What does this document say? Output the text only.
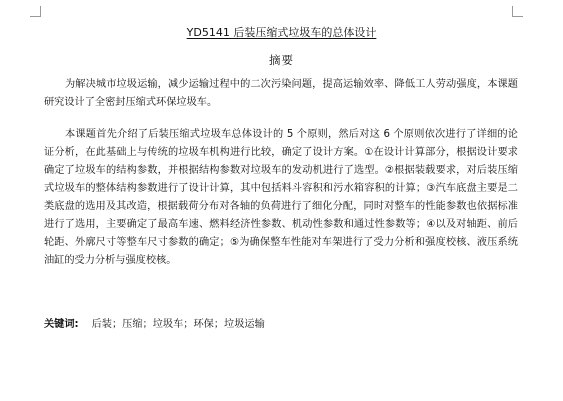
YD5141 后装压缩式垃圾车的总体设计
摘要

为解决城市垃圾运输，减少运输过程中的二次污染问题，提高运输效率、降低工人劳动强度，本课题研究设计了全密封压缩式环保垃圾车。

本课题首先介绍了后装压缩式垃圾车总体设计的 5 个原则，然后对这 6 个原则依次进行了详细的论证分析，在此基础上与传统的垃圾车机构进行比较，确定了设计方案。①在设计计算部分，根据设计要求确定了垃圾车的结构参数，并根据结构参数对垃圾车的发动机进行了选型。②根据装载要求，对后装压缩式垃圾车的整体结构参数进行了设计计算，其中包括料斗容积和污水箱容积的计算；③汽车底盘主要是二类底盘的选用及其改造，根据载荷分布对各轴的负荷进行了细化分配，同时对整车的性能参数也依据标准进行了选用，主要确定了最高车速、燃料经济性参数、机动性参数和通过性参数等；④以及对轴距、前后轮距、外廓尺寸等整车尺寸参数的确定；⑤为确保整车性能对车架进行了受力分析和强度校核、液压系统油缸的受力分析与强度校核。

关键词: 后装；压缩；垃圾车；环保；垃圾运输
